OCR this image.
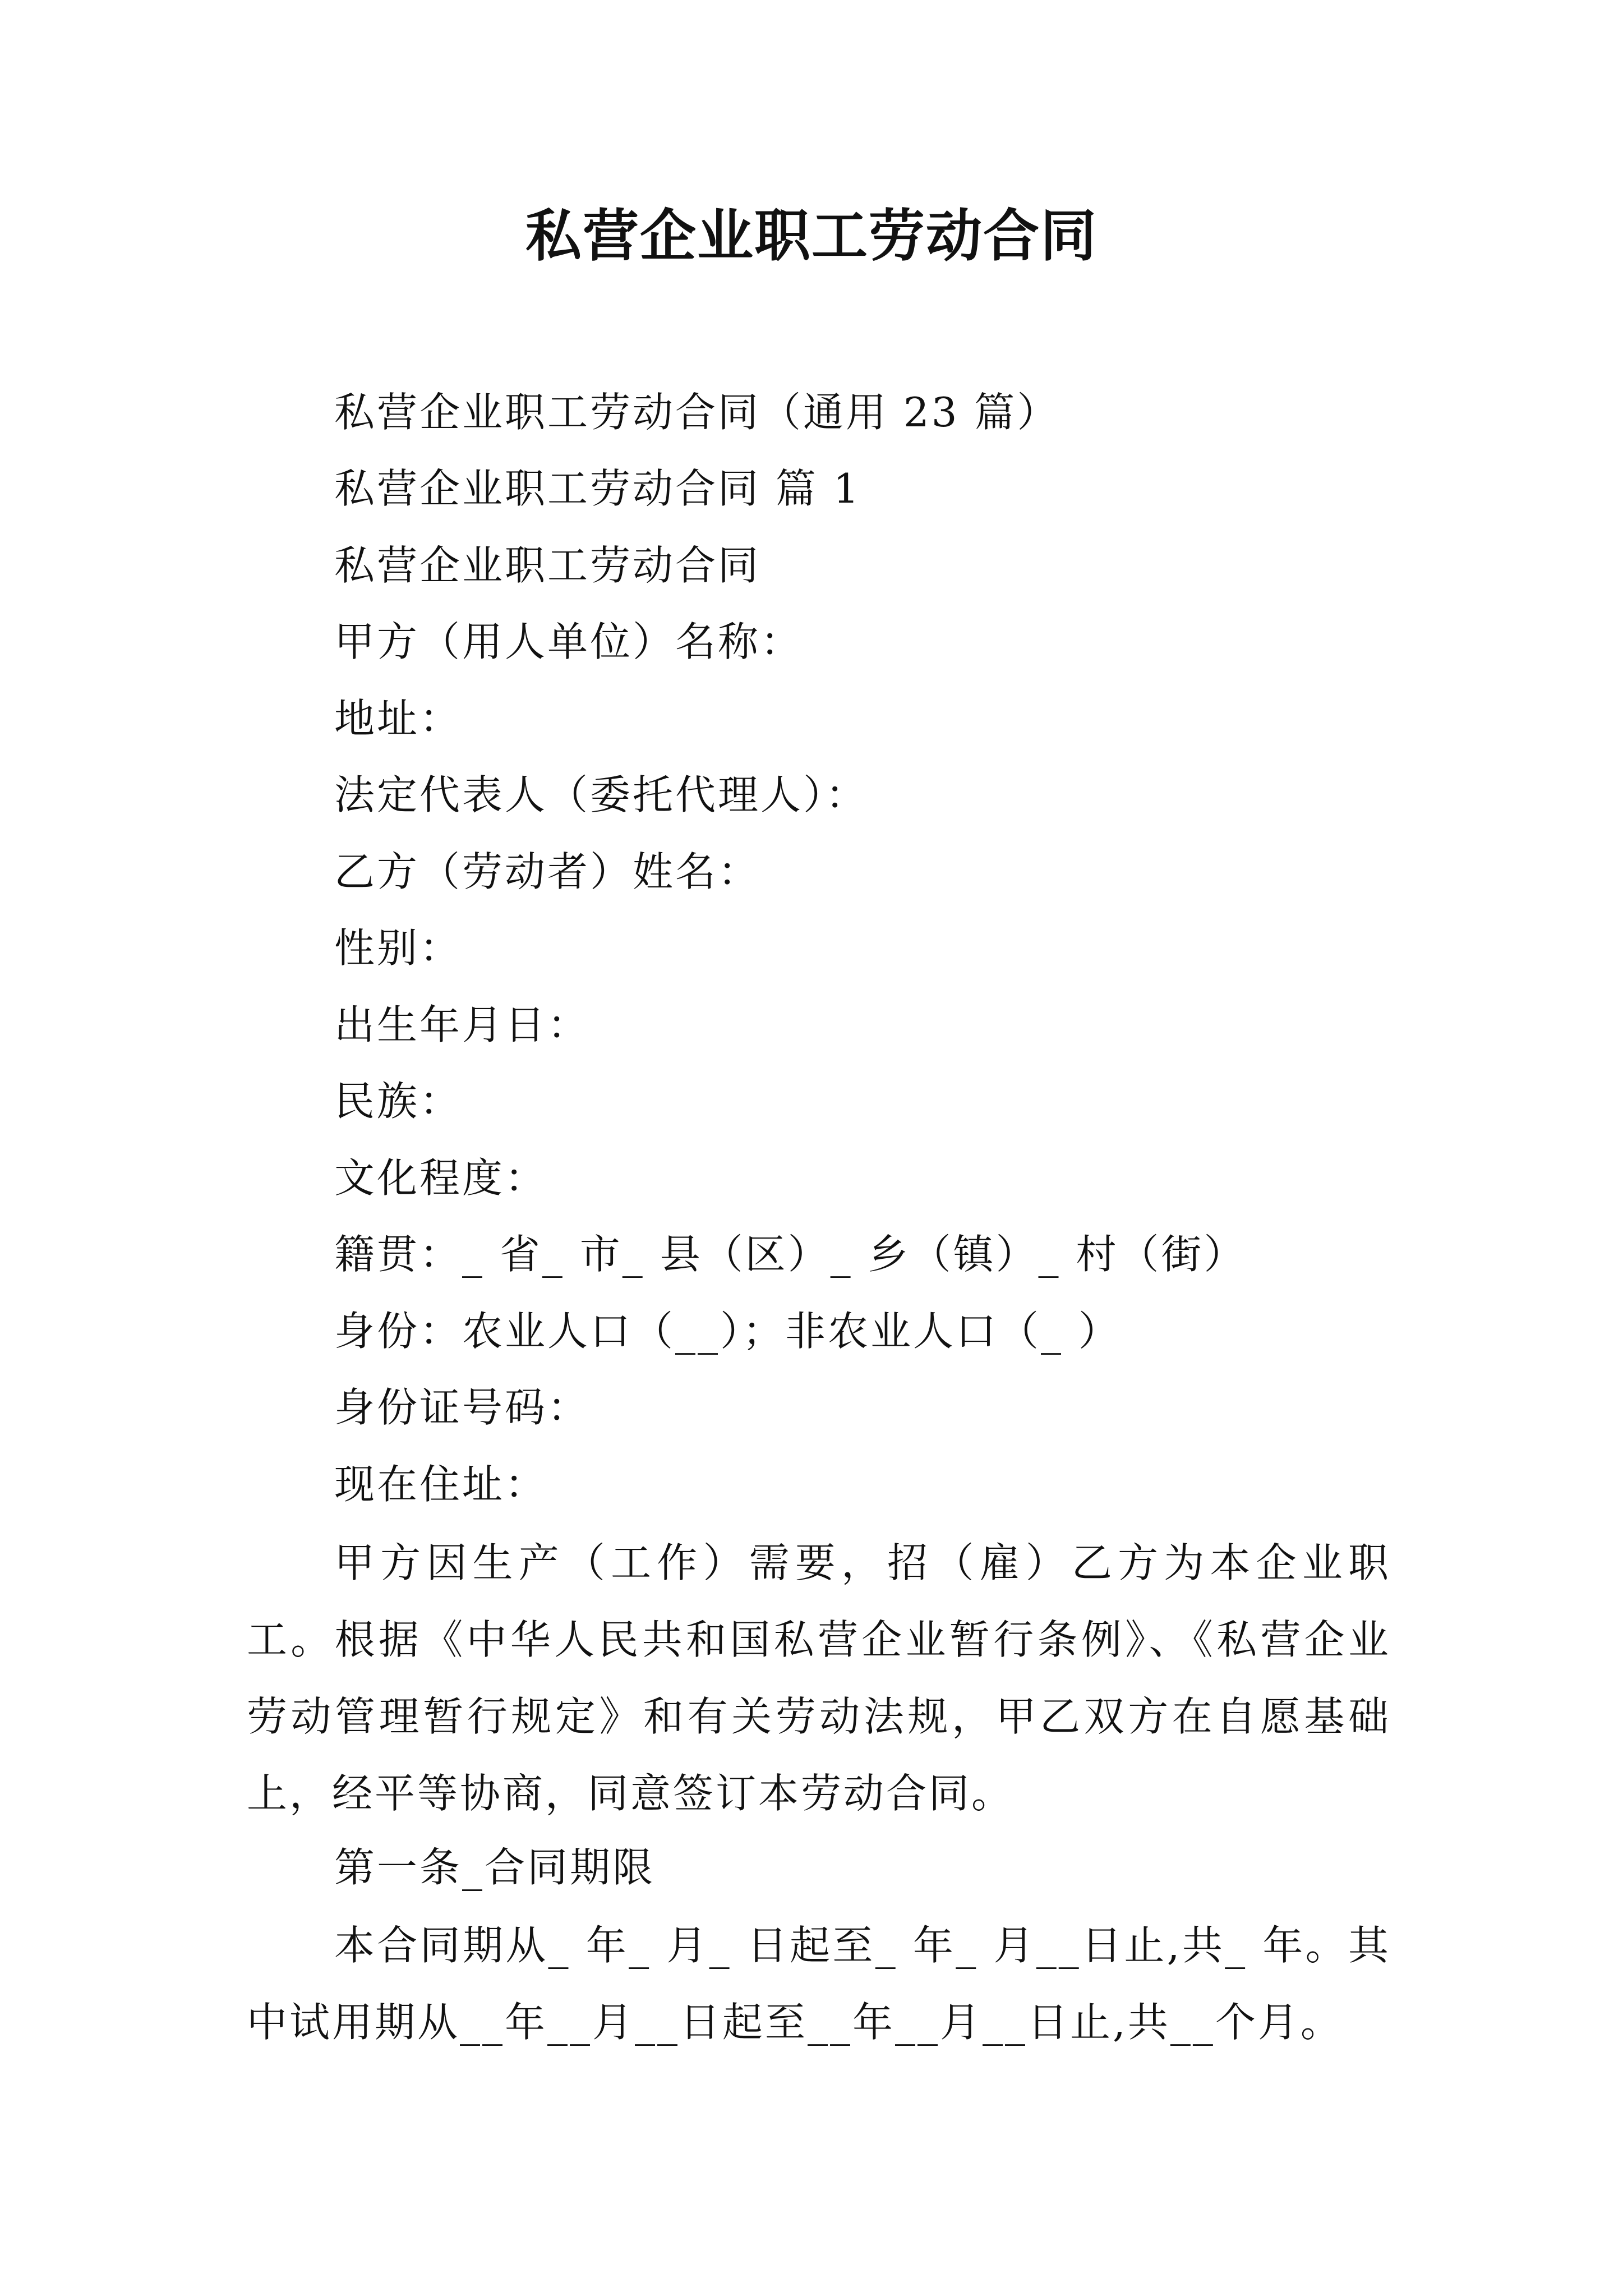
私营企业职工劳动合同
私营企业职工劳动合同（通用 23 篇）
私营企业职工劳动合同 篇 1
私营企业职工劳动合同
甲方（用人单位）名称：
地址：
法定代表人（委托代理人）：
乙方（劳动者）姓名：
性别：
出生年月日：
民族：
文化程度：
籍贯：_ 省_ 市_ 县（区）_ 乡（镇）_ 村（街）
身份：农业人口（__）；非农业人口（_ ）
身份证号码：
现在住址：
甲方因生产（工作）需要，招（雇）乙方为本企业职工。根据《中华人民共和国私营企业暂行条例》、《私营企业劳动管理暂行规定》和有关劳动法规，甲乙双方在自愿基础上，经平等协商，同意签订本劳动合同。
第一条_合同期限
本合同期从_ 年_ 月_ 日起至_ 年_ 月__日止,共_ 年。其中试用期从__年__月__日起至__年__月__日止,共__个月。
